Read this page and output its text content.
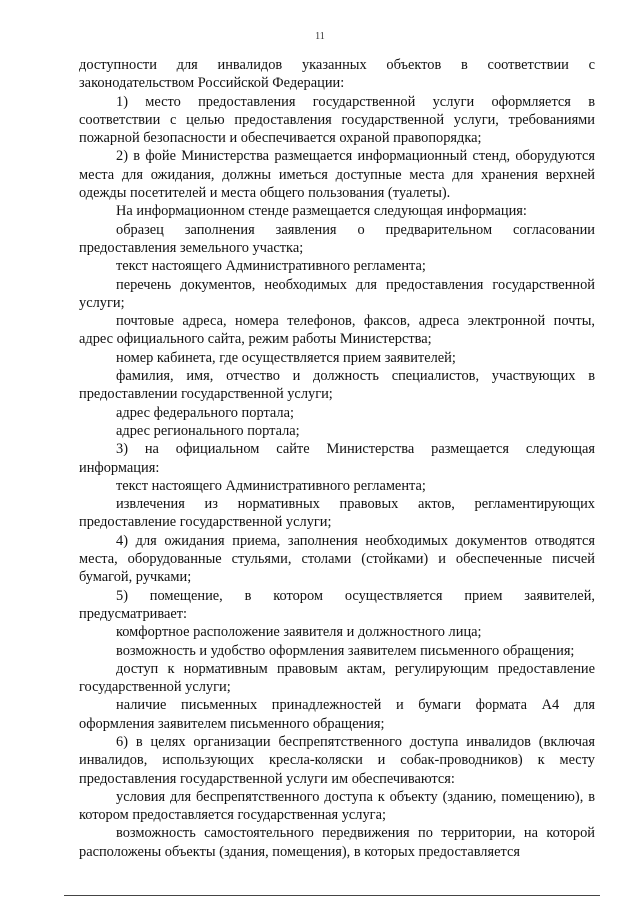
11

доступности для инвалидов указанных объектов в соответствии с законодательством Российской Федерации:

1) место предоставления государственной услуги оформляется в соответствии с целью предоставления государственной услуги, требованиями пожарной безопасности и обеспечивается охраной правопорядка;

2) в фойе Министерства размещается информационный стенд, оборудуются места для ожидания, должны иметься доступные места для хранения верхней одежды посетителей и места общего пользования (туалеты).

На информационном стенде размещается следующая информация:

образец заполнения заявления о предварительном согласовании предоставления земельного участка;

текст настоящего Административного регламента;

перечень документов, необходимых для предоставления государственной услуги;

почтовые адреса, номера телефонов, факсов, адреса электронной почты, адрес официального сайта, режим работы Министерства;

номер кабинета, где осуществляется прием заявителей;

фамилия, имя, отчество и должность специалистов, участвующих в предоставлении государственной услуги;

адрес федерального портала;

адрес регионального портала;

3) на официальном сайте Министерства размещается следующая информация:

текст настоящего Административного регламента;

извлечения из нормативных правовых актов, регламентирующих предоставление государственной услуги;

4) для ожидания приема, заполнения необходимых документов отводятся места, оборудованные стульями, столами (стойками) и обеспеченные писчей бумагой, ручками;

5) помещение, в котором осуществляется прием заявителей, предусматривает:

комфортное расположение заявителя и должностного лица;

возможность и удобство оформления заявителем письменного обращения;

доступ к нормативным правовым актам, регулирующим предоставление государственной услуги;

наличие письменных принадлежностей и бумаги формата А4 для оформления заявителем письменного обращения;

6) в целях организации беспрепятственного доступа инвалидов (включая инвалидов, использующих кресла-коляски и собак-проводников) к месту предоставления государственной услуги им обеспечиваются:

условия для беспрепятственного доступа к объекту (зданию, помещению), в котором предоставляется государственная услуга;

возможность самостоятельного передвижения по территории, на которой расположены объекты (здания, помещения), в которых предоставляется
